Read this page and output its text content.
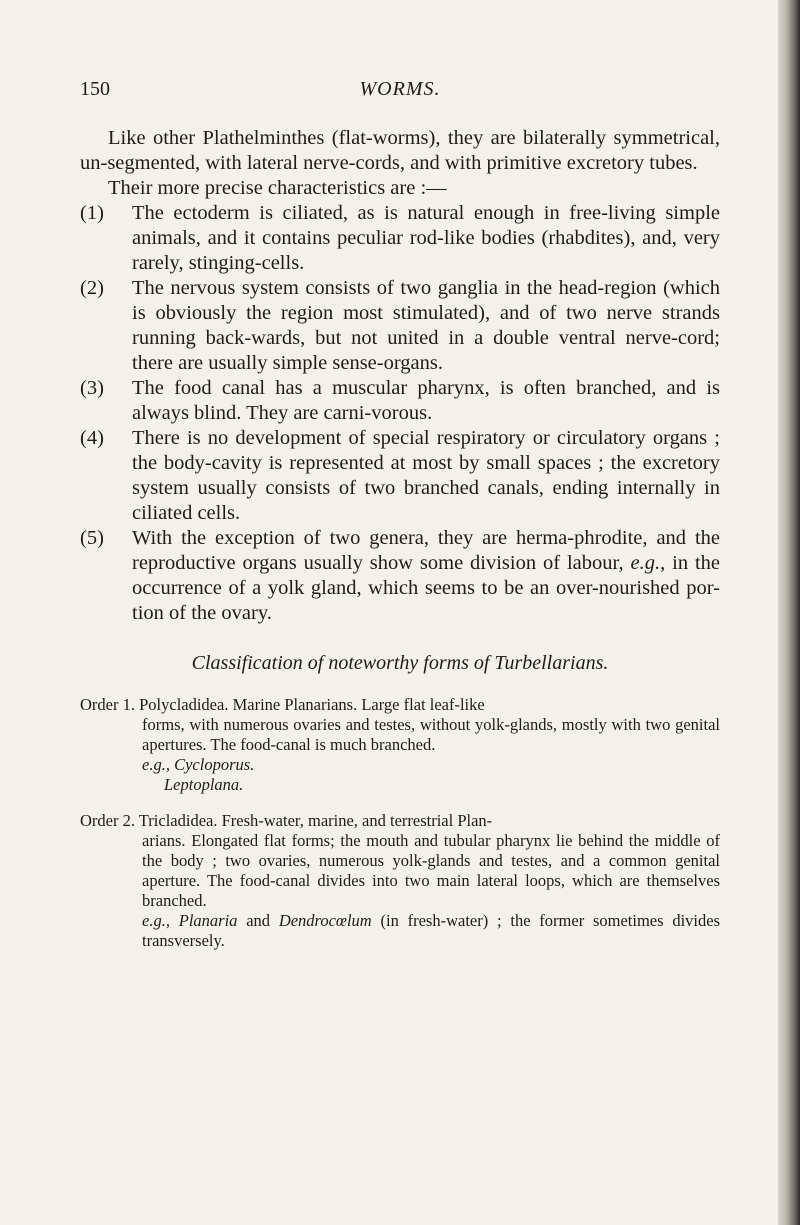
150	WORMS.

Like other Plathelminthes (flat-worms), they are bilaterally symmetrical, un-segmented, with lateral nerve-cords, and with primitive excretory tubes.

Their more precise characteristics are :—

(1) The ectoderm is ciliated, as is natural enough in free-living simple animals, and it contains peculiar rod-like bodies (rhabdites), and, very rarely, stinging-cells.

(2) The nervous system consists of two ganglia in the head-region (which is obviously the region most stimulated), and of two nerve strands running back-wards, but not united in a double ventral nerve-cord; there are usually simple sense-organs.

(3) The food canal has a muscular pharynx, is often branched, and is always blind. They are carni-vorous.

(4) There is no development of special respiratory or circulatory organs ; the body-cavity is represented at most by small spaces ; the excretory system usually consists of two branched canals, ending internally in ciliated cells.

(5) With the exception of two genera, they are herma-phrodite, and the reproductive organs usually show some division of labour, e.g., in the occurrence of a yolk gland, which seems to be an over-nourished por-tion of the ovary.

Classification of noteworthy forms of Turbellarians.
Order 1. Polycladidea. Marine Planarians. Large flat leaf-like
forms, with numerous ovaries and testes, without yolk-glands, mostly with two genital apertures. The food-canal is much branched.
e.g., Cycloporus.
Leptoplana.
Order 2. Tricladidea. Fresh-water, marine, and terrestrial Plan-
arians. Elongated flat forms; the mouth and tubular pharynx lie behind the middle of the body ; two ovaries, numerous yolk-glands and testes, and a common genital aperture. The food-canal divides into two main lateral loops, which are themselves branched.
e.g., Planaria and Dendrocœlum (in fresh-water) ; the former sometimes divides transversely.
